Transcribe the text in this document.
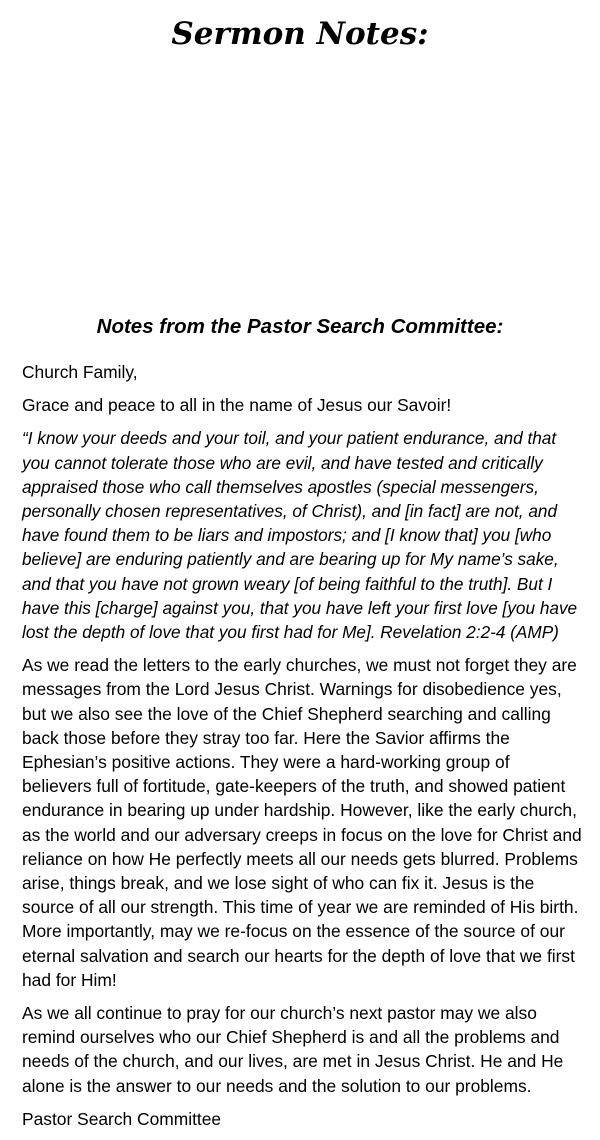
Sermon Notes:
Notes from the Pastor Search Committee:

Church Family,

Grace and peace to all in the name of Jesus our Savoir!

“I know your deeds and your toil, and your patient endurance, and that you cannot tolerate those who are evil, and have tested and critically appraised those who call themselves apostles (special messengers, personally chosen representatives, of Christ), and [in fact] are not, and have found them to be liars and impostors; and [I know that] you [who believe] are enduring patiently and are bearing up for My name’s sake, and that you have not grown weary [of being faithful to the truth]. But I have this [charge] against you, that you have left your first love [you have lost the depth of love that you first had for Me]. Revelation 2:2-4 (AMP)

As we read the letters to the early churches, we must not forget they are messages from the Lord Jesus Christ. Warnings for disobedience yes, but we also see the love of the Chief Shepherd searching and calling back those before they stray too far. Here the Savior affirms the Ephesian’s positive actions. They were a hard-working group of believers full of fortitude, gate-keepers of the truth, and showed patient endurance in bearing up under hardship. However, like the early church, as the world and our adversary creeps in focus on the love for Christ and reliance on how He perfectly meets all our needs gets blurred. Problems arise, things break, and we lose sight of who can fix it. Jesus is the source of all our strength. This time of year we are reminded of His birth. More importantly, may we re-focus on the essence of the source of our eternal salvation and search our hearts for the depth of love that we first had for Him!

As we all continue to pray for our church’s next pastor may we also remind ourselves who our Chief Shepherd is and all the problems and needs of the church, and our lives, are met in Jesus Christ. He and He alone is the answer to our needs and the solution to our problems.

Pastor Search Committee
